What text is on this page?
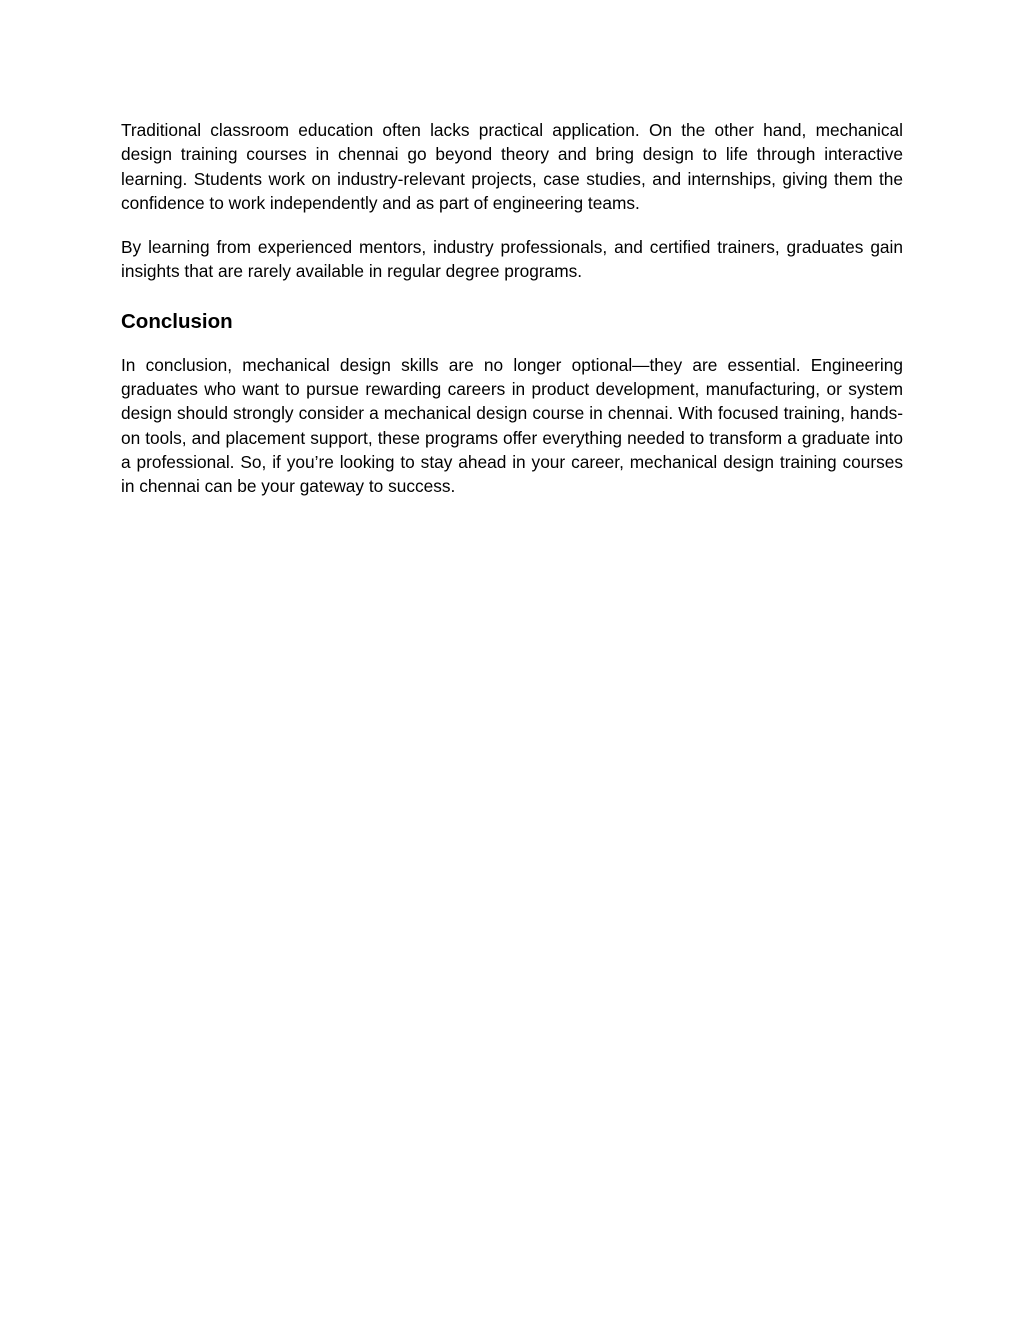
Traditional classroom education often lacks practical application. On the other hand, mechanical design training courses in chennai go beyond theory and bring design to life through interactive learning. Students work on industry-relevant projects, case studies, and internships, giving them the confidence to work independently and as part of engineering teams.

By learning from experienced mentors, industry professionals, and certified trainers, graduates gain insights that are rarely available in regular degree programs.

Conclusion

In conclusion, mechanical design skills are no longer optional—they are essential. Engineering graduates who want to pursue rewarding careers in product development, manufacturing, or system design should strongly consider a mechanical design course in chennai. With focused training, hands-on tools, and placement support, these programs offer everything needed to transform a graduate into a professional. So, if you’re looking to stay ahead in your career, mechanical design training courses in chennai can be your gateway to success.
